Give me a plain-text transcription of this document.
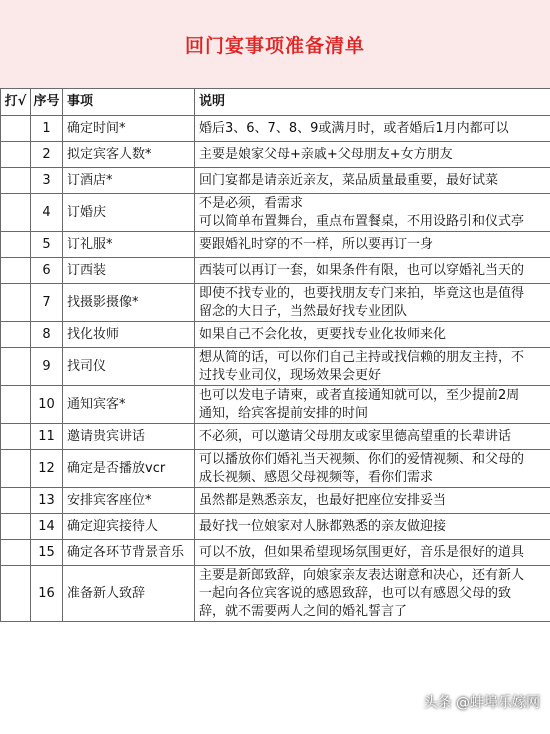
回门宴事项准备清单
打√	序号	事项	说明
	1	确定时间*	婚后3、6、7、8、9或满月时，或者婚后1月内都可以

	2	拟定宾客人数*	主要是娘家父母+亲戚+父母朋友+女方朋友

	3	订酒店*	回门宴都是请亲近亲友，菜品质量最重要，最好试菜

	4	订婚庆	不是必须，看需求
可以简单布置舞台，重点布置餐桌，不用设路引和仪式亭

	5	订礼服*	要跟婚礼时穿的不一样，所以要再订一身

	6	订西装	西装可以再订一套，如果条件有限，也可以穿婚礼当天的

	7	找摄影摄像*	即使不找专业的，也要找朋友专门来拍，毕竟这也是值得
留念的大日子，当然最好找专业团队

	8	找化妆师	如果自己不会化妆，更要找专业化妆师来化

	9	找司仪	想从简的话，可以你们自己主持或找信赖的朋友主持，不
过找专业司仪，现场效果会更好

	10	通知宾客*	也可以发电子请柬，或者直接通知就可以，至少提前2周
通知，给宾客提前安排的时间

	11	邀请贵宾讲话	不必须，可以邀请父母朋友或家里德高望重的长辈讲话

	12	确定是否播放vcr	可以播放你们婚礼当天视频、你们的爱情视频、和父母的
成长视频、感恩父母视频等，看你们需求

	13	安排宾客座位*	虽然都是熟悉亲友，也最好把座位安排妥当

	14	确定迎宾接待人	最好找一位娘家对人脉都熟悉的亲友做迎接

	15	确定各环节背景音乐	可以不放，但如果希望现场氛围更好，音乐是很好的道具

	16	准备新人致辞	主要是新郎致辞，向娘家亲友表达谢意和决心，还有新人
一起向各位宾客说的感恩致辞，也可以有感恩父母的致
辞，就不需要两人之间的婚礼誓言了
头条 @蚌埠乐嫁网
